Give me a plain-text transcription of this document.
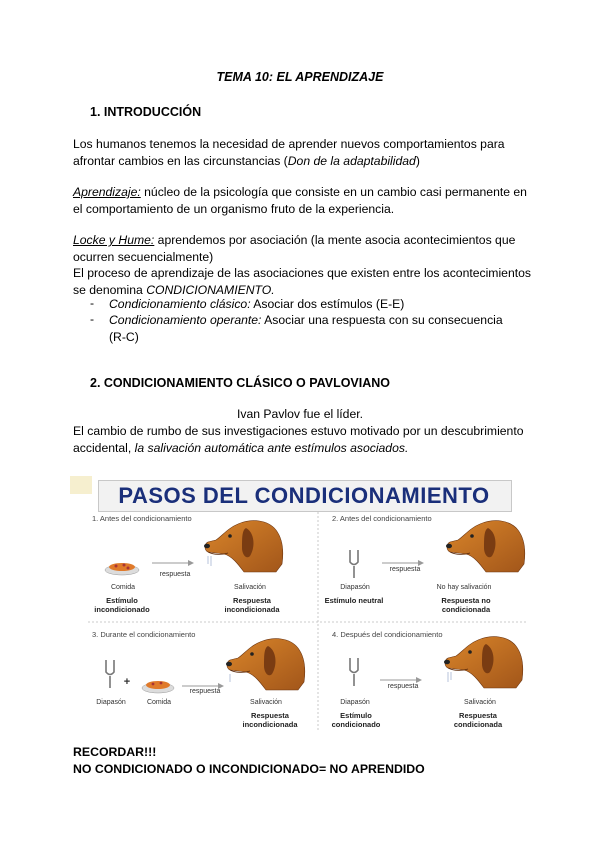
TEMA 10: EL APRENDIZAJE
1. INTRODUCCIÓN
Los humanos tenemos la necesidad de aprender nuevos comportamientos para
afrontar cambios en las circunstancias (Don de la adaptabilidad)
Aprendizaje: núcleo de la psicología que consiste en un cambio casi permanente en
el comportamiento de un organismo fruto de la experiencia.
Locke y Hume: aprendemos por asociación (la mente asocia acontecimientos que
ocurren secuencialmente)
El proceso de aprendizaje de las asociaciones que existen entre los acontecimientos
se denomina CONDICIONAMIENTO.
-	Condicionamiento clásico: Asociar dos estímulos (E-E)
-	Condicionamiento operante: Asociar una respuesta con su consecuencia
(R-C)
2. CONDICIONAMIENTO CLÁSICO O PAVLOVIANO
Ivan Pavlov fue el líder.
El cambio de rumbo de sus investigaciones estuvo motivado por un descubrimiento
accidental, la salivación automática ante estímulos asociados.
PASOS DEL CONDICIONAMIENTO
1. Antes del condicionamiento
respuesta
Comida	Salivación
Estímulo incondicionado
Respuesta incondicionada
2. Antes del condicionamiento
respuesta
Diapasón	No hay salivación
Estímulo neutral	Respuesta no condicionada
3. Durante el condicionamiento
+
respuesta
Diapasón	Comida	Salivación
Respuesta incondicionada
4. Después del condicionamiento
respuesta
Diapasón	Salivación
Estímulo condicionado
Respuesta condicionada
RECORDAR!!!
NO CONDICIONADO O INCONDICIONADO= NO APRENDIDO
